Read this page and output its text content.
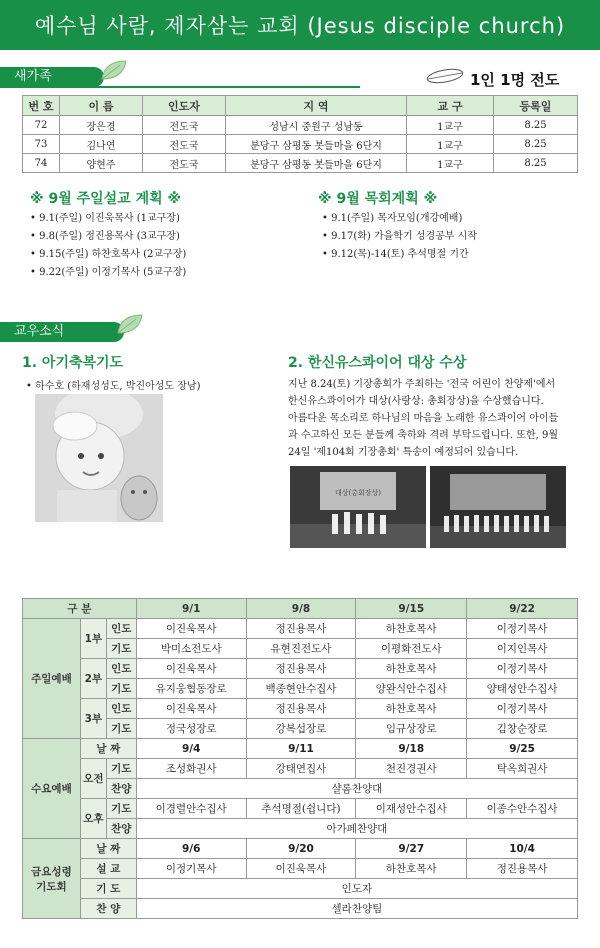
예수님 사람, 제자삼는 교회 (Jesus disciple church)
새가족	1인 1명 전도
번 호	이 름	인도자	지 역	교 구	등록일
72	장은경	전도국	성남시 중원구 성남동	1교구	8.25
73	김나연	전도국	분당구 삼평동 봇들마을 6단지	1교구	8.25
74	양현주	전도국	분당구 삼평동 봇들마을 6단지	1교구	8.25
※ 9월 주일설교 계획 ※
• 9.1(주일) 이진욱목사 (1교구장)
• 9.8(주일) 정진용목사 (3교구장)
• 9.15(주일) 하찬호목사 (2교구장)
• 9.22(주일) 이정기목사 (5교구장)
※ 9월 목회계획 ※
• 9.1(주일) 목자모임(개강예배)
• 9.17(화) 가을학기 성경공부 시작
• 9.12(목)-14(토) 추석명절 기간
교우소식
1. 아기축복기도
• 하수호 (하재성성도, 박진아성도 장남)
2. 한신유스콰이어 대상 수상
지난 8.24(토) 기장총회가 주최하는 '전국 어린이 찬양제'에서
한신유스콰이어가 대상(사랑상: 총회장상)을 수상했습니다.
아름다운 목소리로 하나님의 마음을 노래한 유스콰이어 아이들
과 수고하신 모든 분들께 축하와 격려 부탁드립니다. 또한, 9월
24일 '제104회 기장총회' 특송이 예정되어 있습니다.
대상(총회장상)
구 분			9/1	9/8	9/15	9/22
주일예배	1부	인도	이진욱목사	정진용목사	하찬호목사	이정기목사
		기도	박미소전도사	유현진전도사	이평화전도사	이지인목사
	2부	인도	이진욱목사	정진용목사	하찬호목사	이정기목사
		기도	유지웅협동장로	백종현안수집사	양완식안수집사	양태성안수집사
	3부	인도	이진욱목사	정진용목사	하찬호목사	이정기목사
		기도	정국성장로	강복섭장로	임규상장로	김창순장로
수요예배	날 짜		9/4	9/11	9/18	9/25
	오전	기도	조성화권사	강태연집사	천진경권사	탁옥희권사
		찬양	샬롬찬양대			
	오후	기도	이경렬안수집사	추석명절(쉽니다)	이재성안수집사	이종수안수집사
		찬양	아가페찬양대			

금요성령
기도회	날 짜		9/6	9/20	9/27	10/4
	설 교		이정기목사	이진욱목사	하찬호목사	정진용목사
	기 도		인도자			
	찬 양		셀라찬양팀			
